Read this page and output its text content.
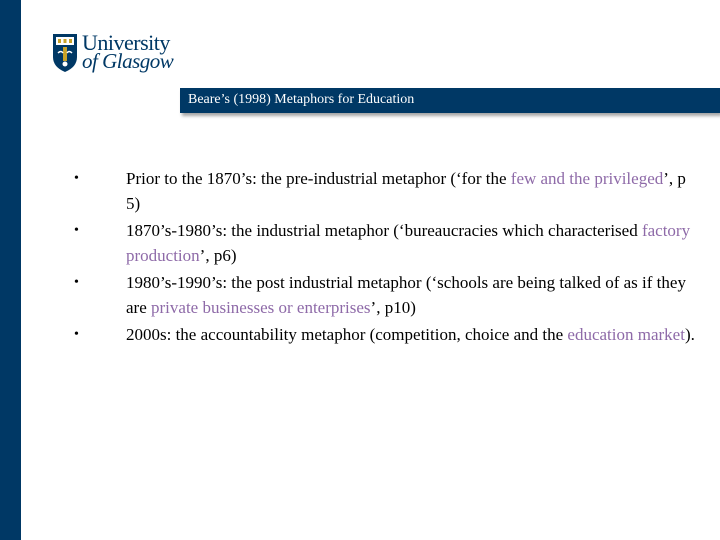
University
of Glasgow
Beare’s (1998) Metaphors for Education
•	Prior to the 1870’s: the pre-industrial metaphor (‘for the few and the privileged’, p 5)
•	1870’s-1980’s: the industrial metaphor (‘bureaucracies which characterised factory production’, p6)
•	1980’s-1990’s: the post industrial metaphor (‘schools are being talked of as if they are private businesses or enterprises’, p10)
•	2000s: the accountability metaphor (competition, choice and the education market).
